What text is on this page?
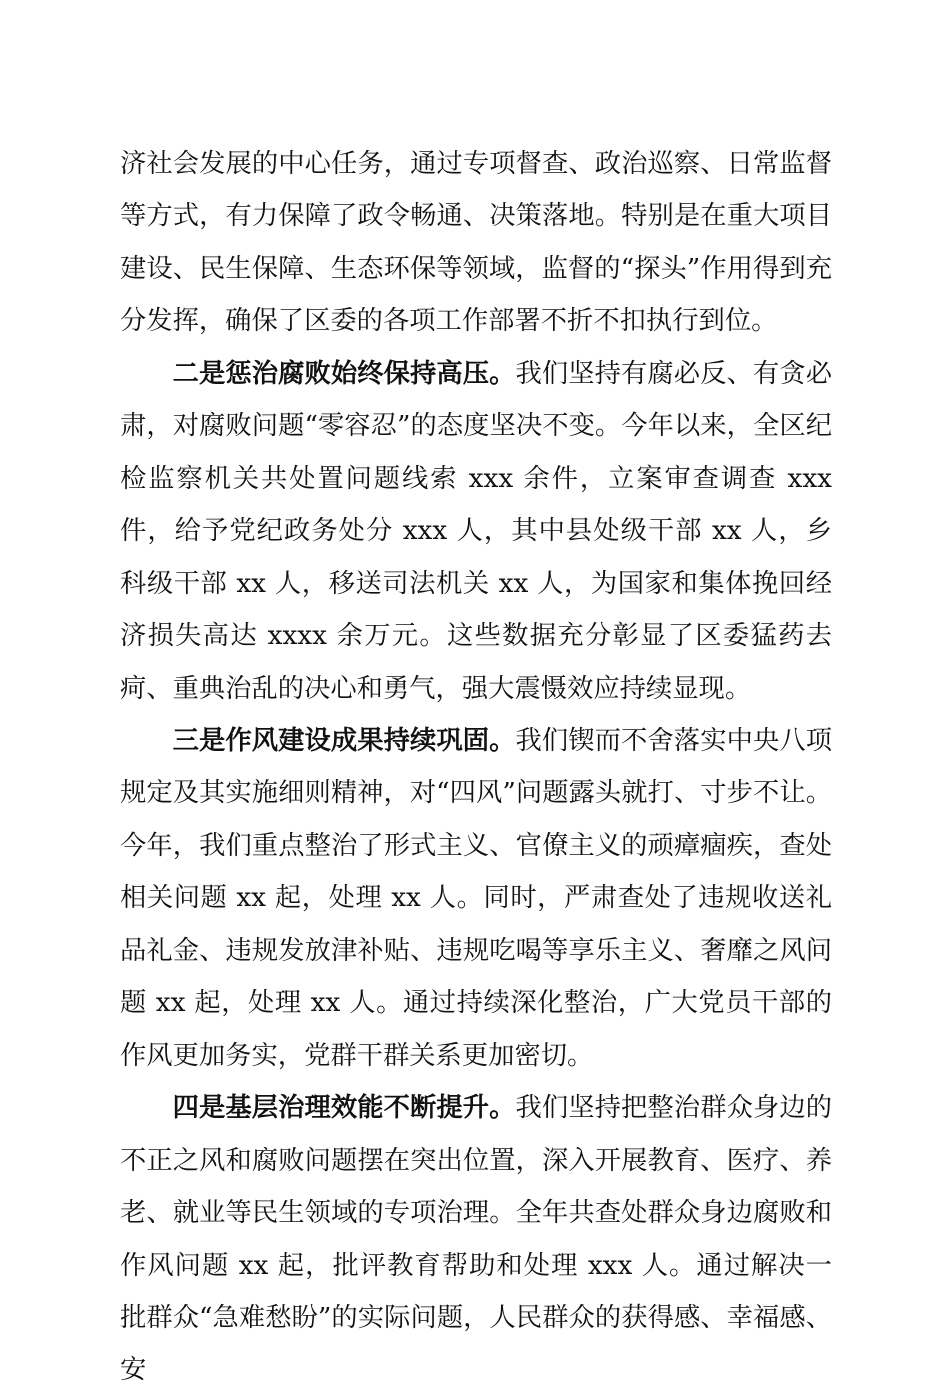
济社会发展的中心任务，通过专项督查、政治巡察、日常监督等方式，有力保障了政令畅通、决策落地。特别是在重大项目建设、民生保障、生态环保等领域，监督的“探头”作用得到充分发挥，确保了区委的各项工作部署不折不扣执行到位。

二是惩治腐败始终保持高压。我们坚持有腐必反、有贪必肃，对腐败问题“零容忍”的态度坚决不变。今年以来，全区纪检监察机关共处置问题线索 xxx 余件，立案审查调查 xxx 件，给予党纪政务处分 xxx 人，其中县处级干部 xx 人，乡科级干部 xx 人，移送司法机关 xx 人，为国家和集体挽回经济损失高达 xxxx 余万元。这些数据充分彰显了区委猛药去疴、重典治乱的决心和勇气，强大震慑效应持续显现。

三是作风建设成果持续巩固。我们锲而不舍落实中央八项规定及其实施细则精神，对“四风”问题露头就打、寸步不让。今年，我们重点整治了形式主义、官僚主义的顽瘴痼疾，查处相关问题 xx 起，处理 xx 人。同时，严肃查处了违规收送礼品礼金、违规发放津补贴、违规吃喝等享乐主义、奢靡之风问题 xx 起，处理 xx 人。通过持续深化整治，广大党员干部的作风更加务实，党群干群关系更加密切。

四是基层治理效能不断提升。我们坚持把整治群众身边的不正之风和腐败问题摆在突出位置，深入开展教育、医疗、养老、就业等民生领域的专项治理。全年共查处群众身边腐败和作风问题 xx 起，批评教育帮助和处理 xxx 人。通过解决一批群众“急难愁盼”的实际问题，人民群众的获得感、幸福感、安
